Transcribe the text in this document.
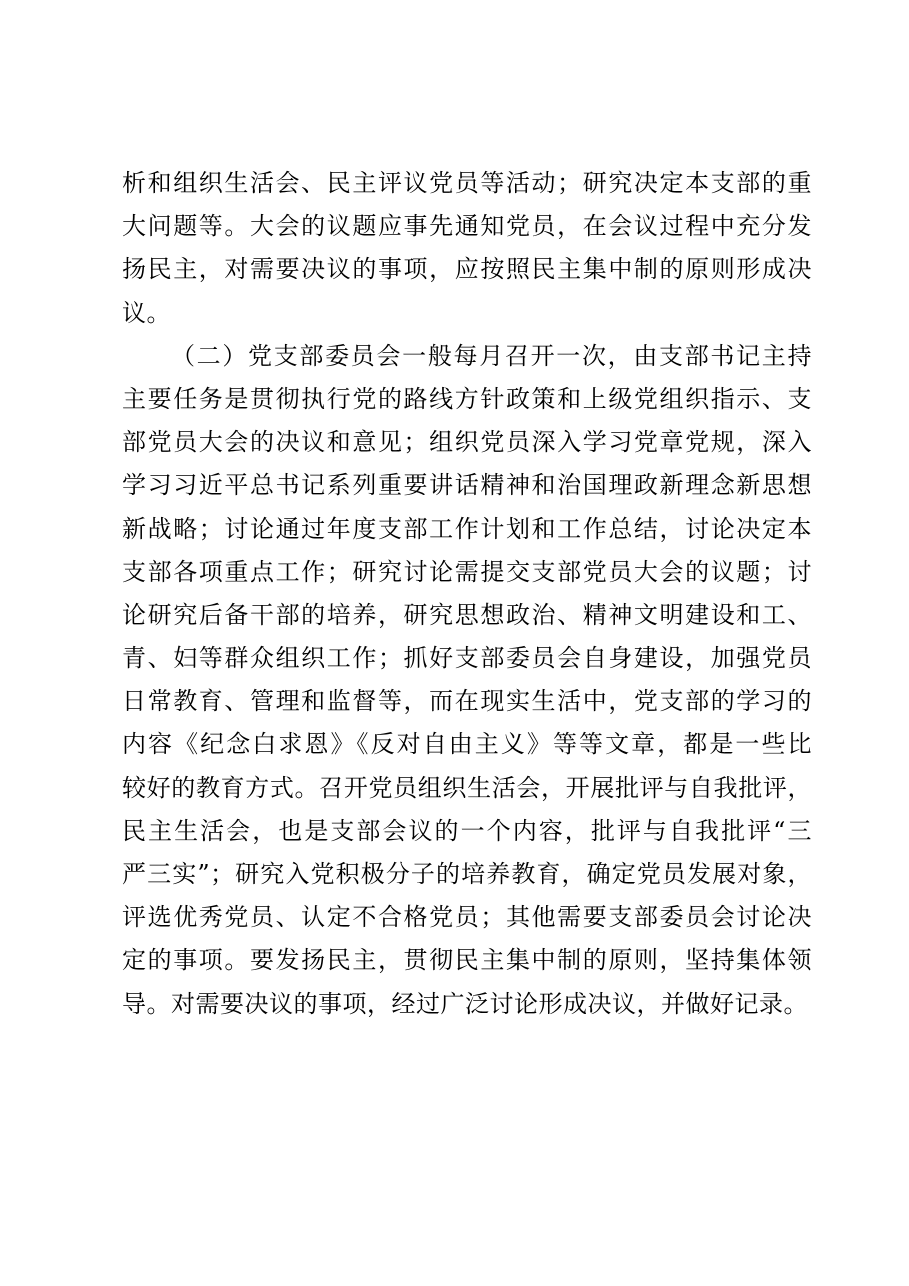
析和组织生活会、民主评议党员等活动；研究决定本支部的重
大问题等。大会的议题应事先通知党员，在会议过程中充分发
扬民主，对需要决议的事项，应按照民主集中制的原则形成决
议。
（二）党支部委员会一般每月召开一次，由支部书记主持
主要任务是贯彻执行党的路线方针政策和上级党组织指示、支
部党员大会的决议和意见；组织党员深入学习党章党规，深入
学习习近平总书记系列重要讲话精神和治国理政新理念新思想
新战略；讨论通过年度支部工作计划和工作总结，讨论决定本
支部各项重点工作；研究讨论需提交支部党员大会的议题；讨
论研究后备干部的培养，研究思想政治、精神文明建设和工、
青、妇等群众组织工作；抓好支部委员会自身建设，加强党员
日常教育、管理和监督等，而在现实生活中，党支部的学习的
内容《纪念白求恩》《反对自由主义》等等文章，都是一些比
较好的教育方式。召开党员组织生活会，开展批评与自我批评，
民主生活会，也是支部会议的一个内容，批评与自我批评“三
严三实”；研究入党积极分子的培养教育，确定党员发展对象，
评选优秀党员、认定不合格党员；其他需要支部委员会讨论决
定的事项。要发扬民主，贯彻民主集中制的原则，坚持集体领
导。对需要决议的事项，经过广泛讨论形成决议，并做好记录。
